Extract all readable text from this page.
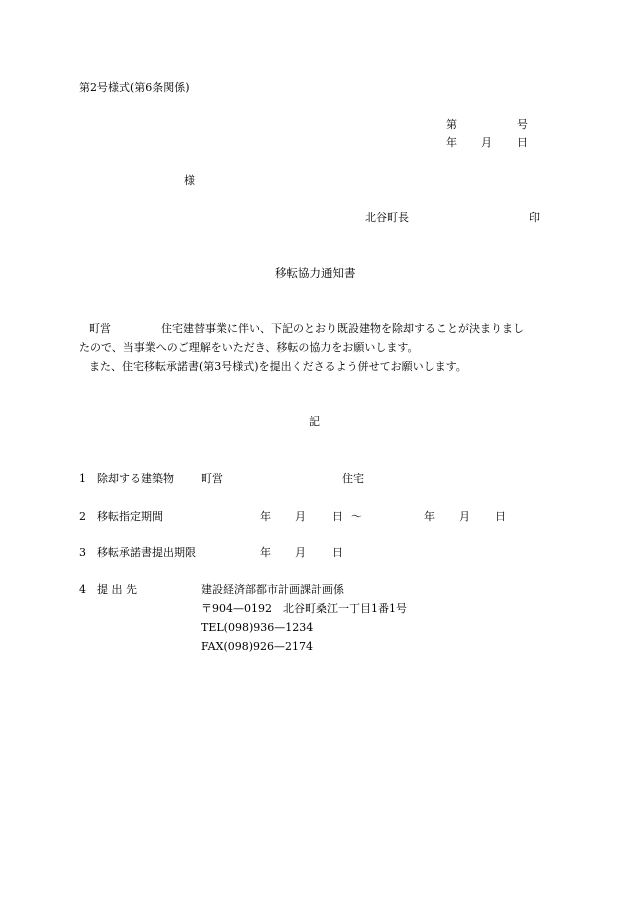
第2号様式(第6条関係)
第	号
年 月 日
様
北谷町長	印
移転協力通知書
町営	住宅建替事業に伴い、下記のとおり既設建物を除却することが決まりまし
たので、当事業へのご理解をいただき、移転の協力をお願いします。
また、住宅移転承諾書(第3号様式)を提出くださるよう併せてお願いします。
記
1 除却する建築物 町営	住宅
2 移転指定期間	年 月 日 ～	年 月 日
3 移転承諾書提出期限	年 月 日
4 提 出 先	建設経済部都市計画課計画係
〒904—0192　北谷町桑江一丁目1番1号
TEL(098)936—1234
FAX(098)926—2174
